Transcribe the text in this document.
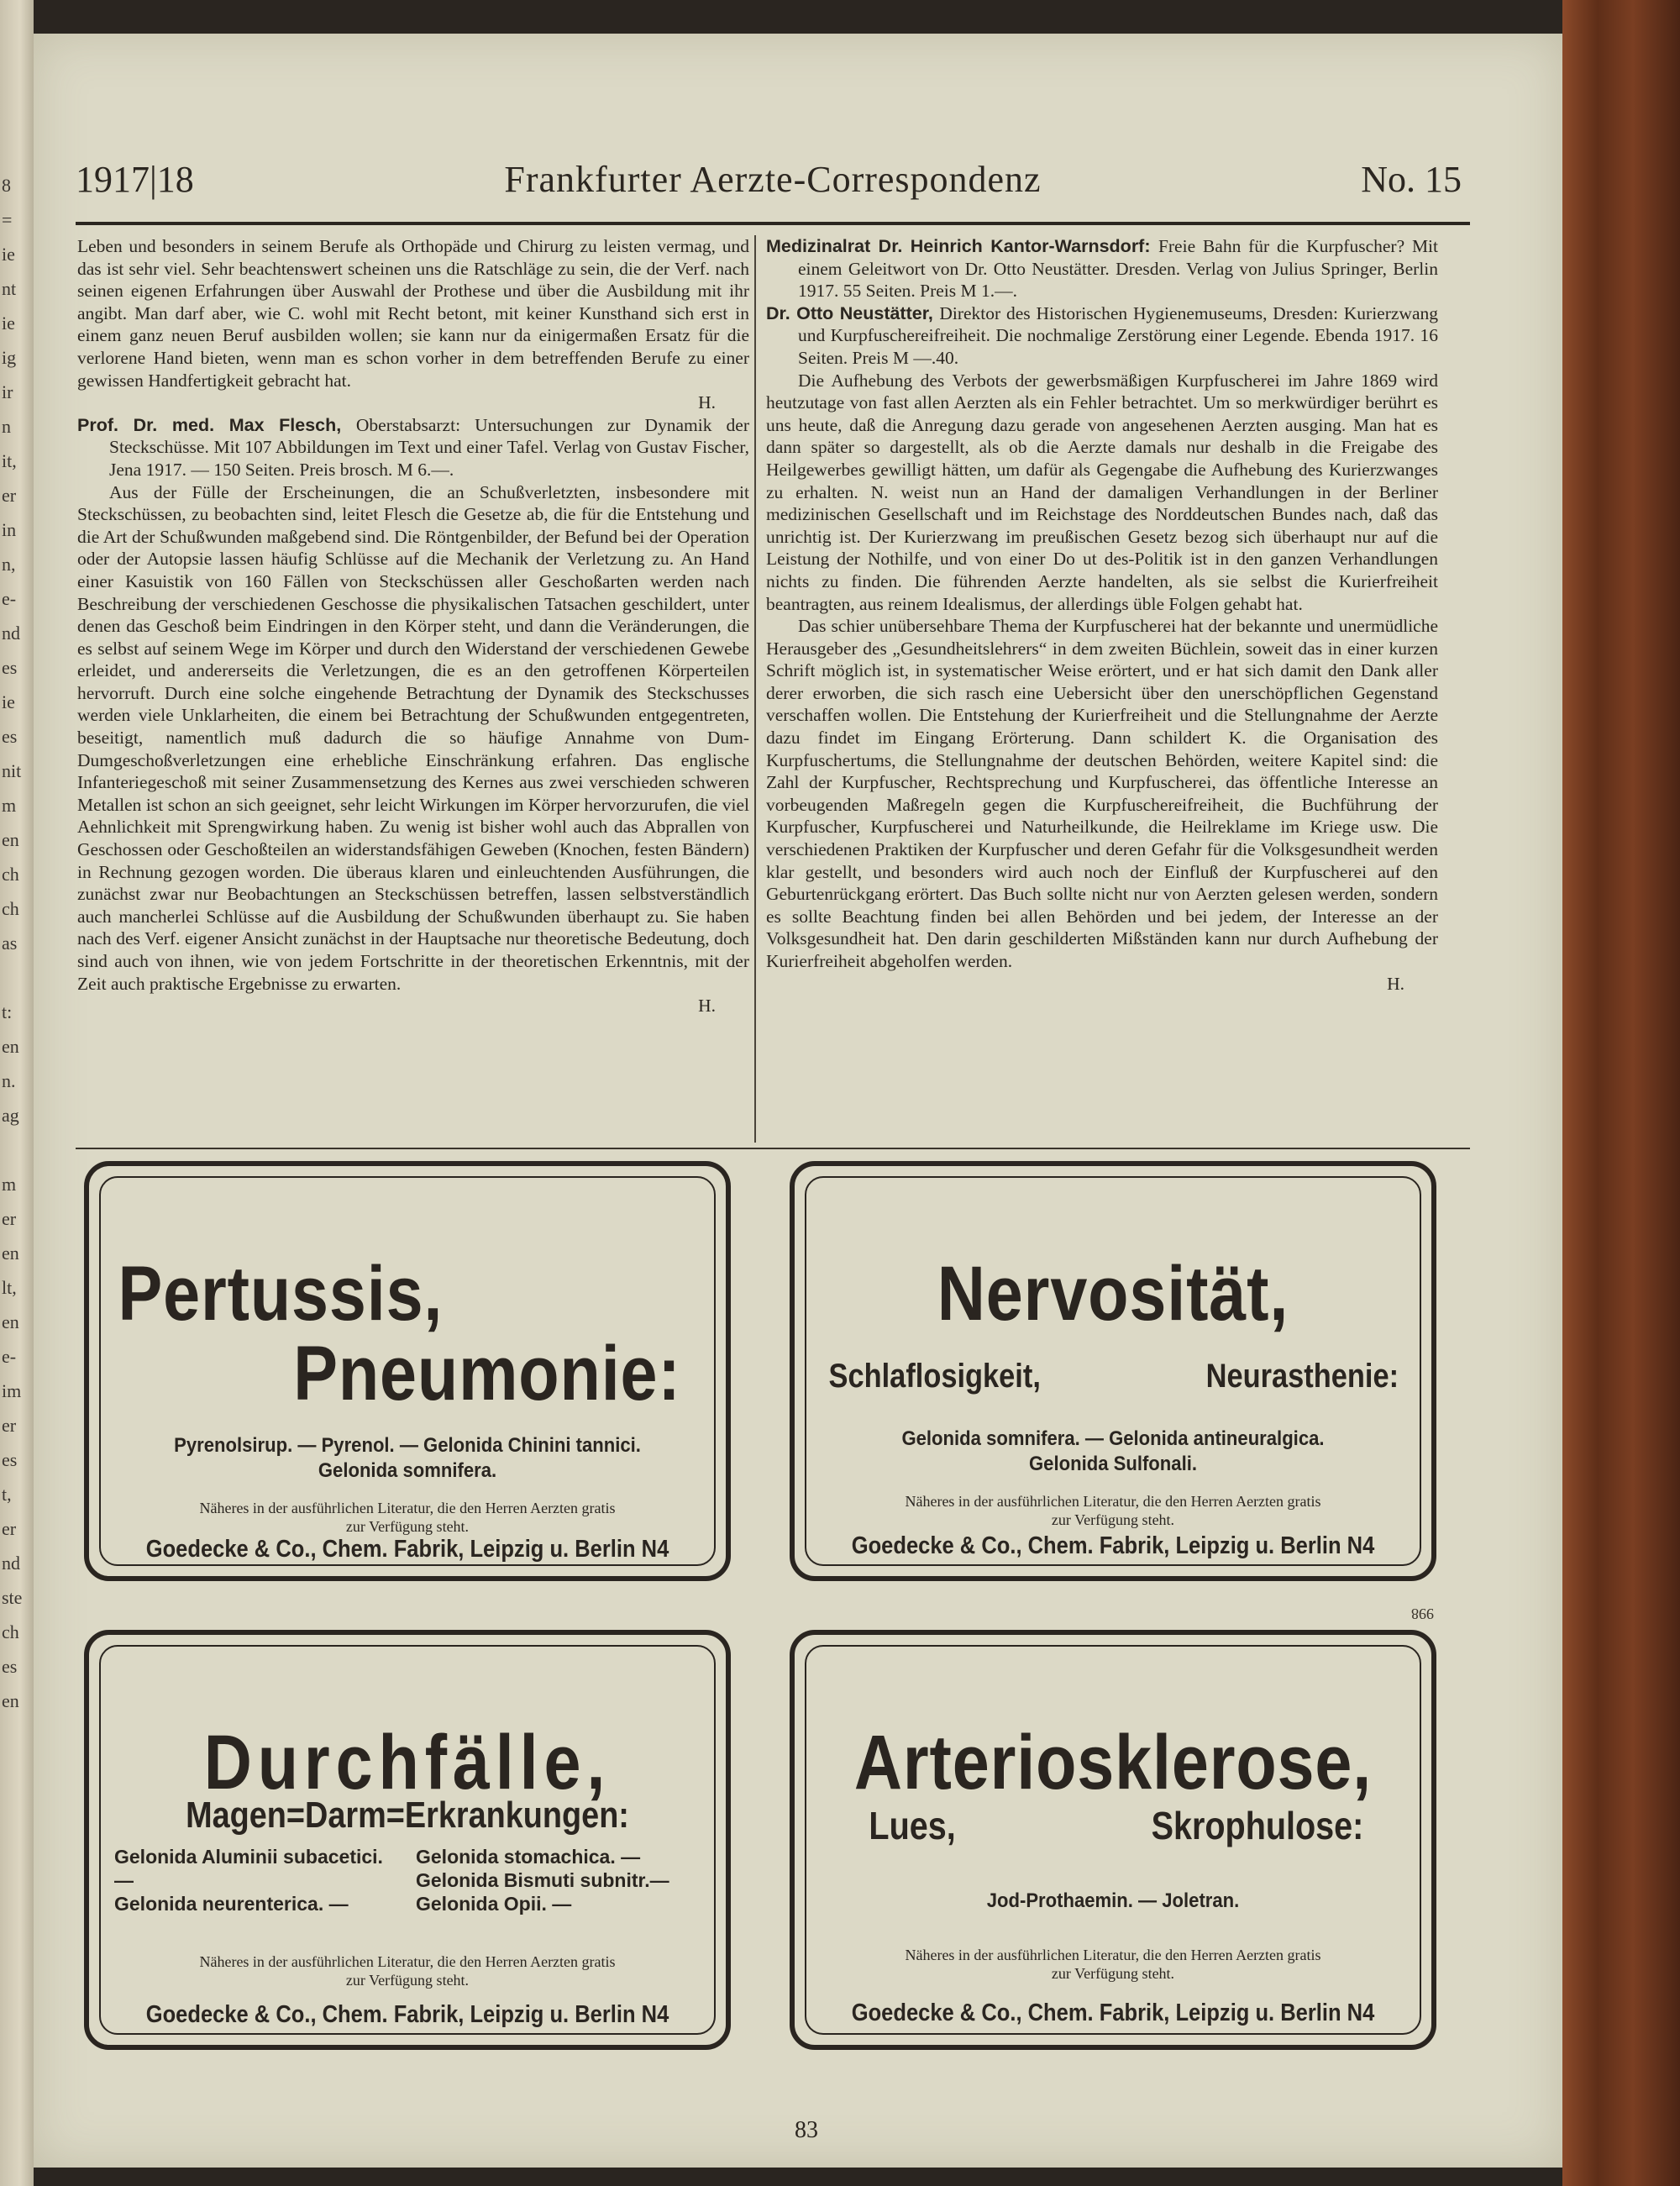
8
=
ie
nt
ie
ig
ir
n
it,
er
in
n,
e-
nd
es
ie
es
nit
m
en
ch
ch
as

t:
en
n.
ag

m
er
en
lt,
en
e-
im
er
es
t,
er
nd
ste
ch
es
en
1917|18	Frankfurter Aerzte-Correspondenz	No. 15

Leben und besonders in seinem Berufe als Orthopäde und Chirurg zu leisten vermag, und das ist sehr viel. Sehr beachtenswert scheinen uns die Ratschläge zu sein, die der Verf. nach seinen eigenen Erfahrungen über Auswahl der Prothese und über die Ausbildung mit ihr angibt. Man darf aber, wie C. wohl mit Recht betont, mit keiner Kunsthand sich erst in einem ganz neuen Beruf ausbilden wollen; sie kann nur da einigermaßen Ersatz für die verlorene Hand bieten, wenn man es schon vorher in dem betreffenden Berufe zu einer gewissen Handfertigkeit gebracht hat.

H.

Prof. Dr. med. Max Flesch, Oberstabsarzt: Untersuchungen zur Dynamik der Steckschüsse. Mit 107 Abbildungen im Text und einer Tafel. Verlag von Gustav Fischer, Jena 1917. — 150 Seiten. Preis brosch. M 6.—.

Aus der Fülle der Erscheinungen, die an Schußverletzten, insbesondere mit Steckschüssen, zu beobachten sind, leitet Flesch die Gesetze ab, die für die Entstehung und die Art der Schußwunden maßgebend sind. Die Röntgenbilder, der Befund bei der Operation oder der Autopsie lassen häufig Schlüsse auf die Mechanik der Verletzung zu. An Hand einer Kasuistik von 160 Fällen von Steckschüssen aller Geschoßarten werden nach Beschreibung der verschiedenen Geschosse die physikalischen Tatsachen geschildert, unter denen das Geschoß beim Eindringen in den Körper steht, und dann die Veränderungen, die es selbst auf seinem Wege im Körper und durch den Widerstand der verschiedenen Gewebe erleidet, und andererseits die Verletzungen, die es an den getroffenen Körperteilen hervorruft. Durch eine solche eingehende Betrachtung der Dynamik des Steckschusses werden viele Unklarheiten, die einem bei Betrachtung der Schußwunden entgegentreten, beseitigt, namentlich muß dadurch die so häufige Annahme von Dum-Dumgeschoßverletzungen eine erhebliche Einschränkung erfahren. Das englische Infanteriegeschoß mit seiner Zusammensetzung des Kernes aus zwei verschieden schweren Metallen ist schon an sich geeignet, sehr leicht Wirkungen im Körper hervorzurufen, die viel Aehnlichkeit mit Sprengwirkung haben. Zu wenig ist bisher wohl auch das Abprallen von Geschossen oder Geschoßteilen an widerstandsfähigen Geweben (Knochen, festen Bändern) in Rechnung gezogen worden. Die überaus klaren und einleuchtenden Ausführungen, die zunächst zwar nur Beobachtungen an Steckschüssen betreffen, lassen selbstverständlich auch mancherlei Schlüsse auf die Ausbildung der Schußwunden überhaupt zu. Sie haben nach des Verf. eigener Ansicht zunächst in der Hauptsache nur theoretische Bedeutung, doch sind auch von ihnen, wie von jedem Fortschritte in der theoretischen Erkenntnis, mit der Zeit auch praktische Ergebnisse zu erwarten.

H.

Medizinalrat Dr. Heinrich Kantor-Warnsdorf: Freie Bahn für die Kurpfuscher? Mit einem Geleitwort von Dr. Otto Neustätter. Dresden. Verlag von Julius Springer, Berlin 1917. 55 Seiten. Preis M 1.—.

Dr. Otto Neustätter, Direktor des Historischen Hygienemuseums, Dresden: Kurierzwang und Kurpfuschereifreiheit. Die nochmalige Zerstörung einer Legende. Ebenda 1917. 16 Seiten. Preis M —.40.

Die Aufhebung des Verbots der gewerbsmäßigen Kurpfuscherei im Jahre 1869 wird heutzutage von fast allen Aerzten als ein Fehler betrachtet. Um so merkwürdiger berührt es uns heute, daß die Anregung dazu gerade von angesehenen Aerzten ausging. Man hat es dann später so dargestellt, als ob die Aerzte damals nur deshalb in die Freigabe des Heilgewerbes gewilligt hätten, um dafür als Gegengabe die Aufhebung des Kurierzwanges zu erhalten. N. weist nun an Hand der damaligen Verhandlungen in der Berliner medizinischen Gesellschaft und im Reichstage des Norddeutschen Bundes nach, daß das unrichtig ist. Der Kurierzwang im preußischen Gesetz bezog sich überhaupt nur auf die Leistung der Nothilfe, und von einer Do ut des-Politik ist in den ganzen Verhandlungen nichts zu finden. Die führenden Aerzte handelten, als sie selbst die Kurierfreiheit beantragten, aus reinem Idealismus, der allerdings üble Folgen gehabt hat.

Das schier unübersehbare Thema der Kurpfuscherei hat der bekannte und unermüdliche Herausgeber des „Gesundheitslehrers“ in dem zweiten Büchlein, soweit das in einer kurzen Schrift möglich ist, in systematischer Weise erörtert, und er hat sich damit den Dank aller derer erworben, die sich rasch eine Uebersicht über den unerschöpflichen Gegenstand verschaffen wollen. Die Entstehung der Kurierfreiheit und die Stellungnahme der Aerzte dazu findet im Eingang Erörterung. Dann schildert K. die Organisation des Kurpfuschertums, die Stellungnahme der deutschen Behörden, weitere Kapitel sind: die Zahl der Kurpfuscher, Rechtsprechung und Kurpfuscherei, das öffentliche Interesse an vorbeugenden Maßregeln gegen die Kurpfuschereifreiheit, die Buchführung der Kurpfuscher, Kurpfuscherei und Naturheilkunde, die Heilreklame im Kriege usw. Die verschiedenen Praktiken der Kurpfuscher und deren Gefahr für die Volksgesundheit werden klar gestellt, und besonders wird auch noch der Einfluß der Kurpfuscherei auf den Geburtenrückgang erörtert. Das Buch sollte nicht nur von Aerzten gelesen werden, sondern es sollte Beachtung finden bei allen Behörden und bei jedem, der Interesse an der Volksgesundheit hat. Den darin geschilderten Mißständen kann nur durch Aufhebung der Kurierfreiheit abgeholfen werden.

H.

Pertussis,
Pneumonie:
Pyrenolsirup. — Pyrenol. — Gelonida Chinini tannici.
Gelonida somnifera.
Näheres in der ausführlichen Literatur, die den Herren Aerzten gratis
zur Verfügung steht.
Goedecke & Co., Chem. Fabrik, Leipzig u. Berlin N4
Nervosität,
Schlaflosigkeit,	Neurasthenie:
Gelonida somnifera. — Gelonida antineuralgica.
Gelonida Sulfonali.
Näheres in der ausführlichen Literatur, die den Herren Aerzten gratis
zur Verfügung steht.
Goedecke & Co., Chem. Fabrik, Leipzig u. Berlin N4
Durchfälle,
Magen=Darm=Erkrankungen:
Gelonida Aluminii subacetici. —
Gelonida neurenterica. —
Gelonida stomachica. —
Gelonida Bismuti subnitr.—
Gelonida Opii. —
Näheres in der ausführlichen Literatur, die den Herren Aerzten gratis
zur Verfügung steht.
Goedecke & Co., Chem. Fabrik, Leipzig u. Berlin N4
Arteriosklerose,
Lues,	Skrophulose:
Jod-Prothaemin. — Joletran.
Näheres in der ausführlichen Literatur, die den Herren Aerzten gratis
zur Verfügung steht.
Goedecke & Co., Chem. Fabrik, Leipzig u. Berlin N4
998
83
